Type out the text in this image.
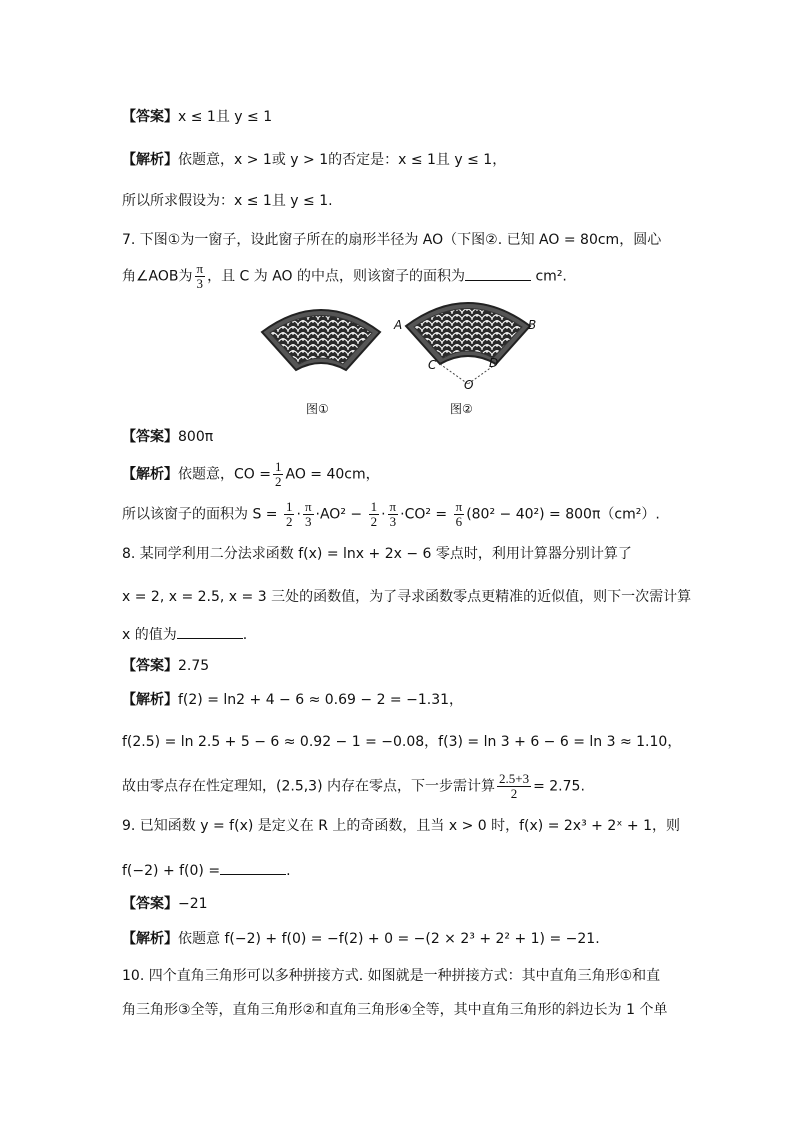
【答案】x ≤ 1且 y ≤ 1
【解析】依题意，x > 1或 y > 1的否定是：x ≤ 1且 y ≤ 1，
所以所求假设为：x ≤ 1且 y ≤ 1.
7. 下图①为一窗子，设此窗子所在的扇形半径为 AO（下图②. 已知 AO = 80cm，圆心
角∠AOB为 $\frac{\pi}{3}$ ，且 C 为 AO 的中点，则该窗子的面积为	cm².
图①
A	B
C	D
O
图②
【答案】800π
【解析】依题意，CO = $\frac{1}{2}$ AO = 40cm，
所以该窗子的面积为 $S = \frac{1}{2} \cdot \frac{\pi}{3} \cdot AO^2 - \frac{1}{2} \cdot \frac{\pi}{3} \cdot CO^2 = \frac{\pi}{6} (80^2 - 40^2) = 800\pi(cm^2)$.
8. 某同学利用二分法求函数 f(x) = lnx + 2x − 6 零点时，利用计算器分别计算了
x = 2, x = 2.5, x = 3 三处的函数值，为了寻求函数零点更精准的近似值，则下一次需计算
x 的值为	.
【答案】2.75
【解析】f(2) = ln2 + 4 − 6 ≈ 0.69 − 2 = −1.31，
f(2.5) = ln 2.5 + 5 − 6 ≈ 0.92 − 1 = −0.08，f(3) = ln 3 + 6 − 6 = ln 3 ≈ 1.10，
故由零点存在性定理知，(2.5,3) 内存在零点，下一步需计算 $\frac{2.5+3}{2} = 2.75$.
9. 已知函数 y = f(x) 是定义在 R 上的奇函数，且当 x > 0 时，f(x) = 2x³ + 2ˣ + 1，则
f(−2) + f(0) =	.
【答案】−21
【解析】依题意 f(−2) + f(0) = −f(2) + 0 = −(2 × 2³ + 2² + 1) = −21.
10. 四个直角三角形可以多种拼接方式. 如图就是一种拼接方式：其中直角三角形①和直
角三角形③全等，直角三角形②和直角三角形④全等，其中直角三角形的斜边长为 1 个单
